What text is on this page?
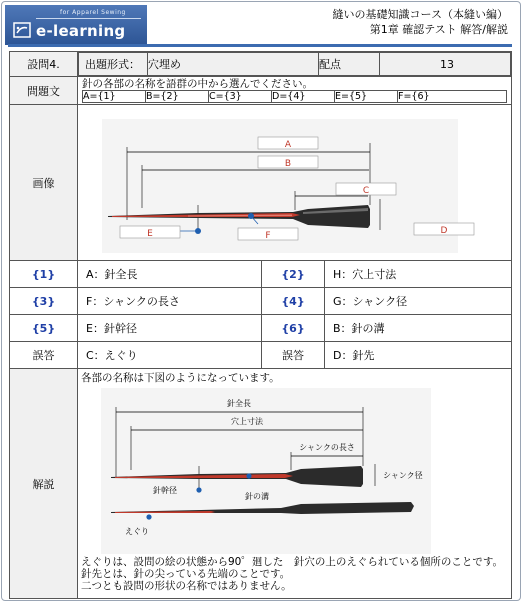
for Apparel Sewing
e-learning
縫いの基礎知識コース（本縫い編）
第1章 確認テスト 解答/解説
設問4.	出題形式：	穴埋め	配点	13

問題文	
針の各部の名称を語群の中から選んでください。
A={1}	B={2}	C={3}	D={4}	E={5}	F={6}

画像	
A
B
C
D
E	F

{1}	A：針全長	{2}	H：穴上寸法
{3}	F：シャンクの長さ	{4}	G：シャンク径
{5}	E：針幹径	{6}	B：針の溝
誤答	C：えぐり	誤答	D：針先
解説	
各部の名称は下図のようになっています。
針全長
穴上寸法
シャンクの長さ
シャンク径
針幹径
針の溝
えぐり
えぐりは、設問の絵の状態から90゜廻した　針穴の上のえぐられている個所のことです。
針先とは、針の尖っている先端のことです。
二つとも設問の形状の名称ではありません。
